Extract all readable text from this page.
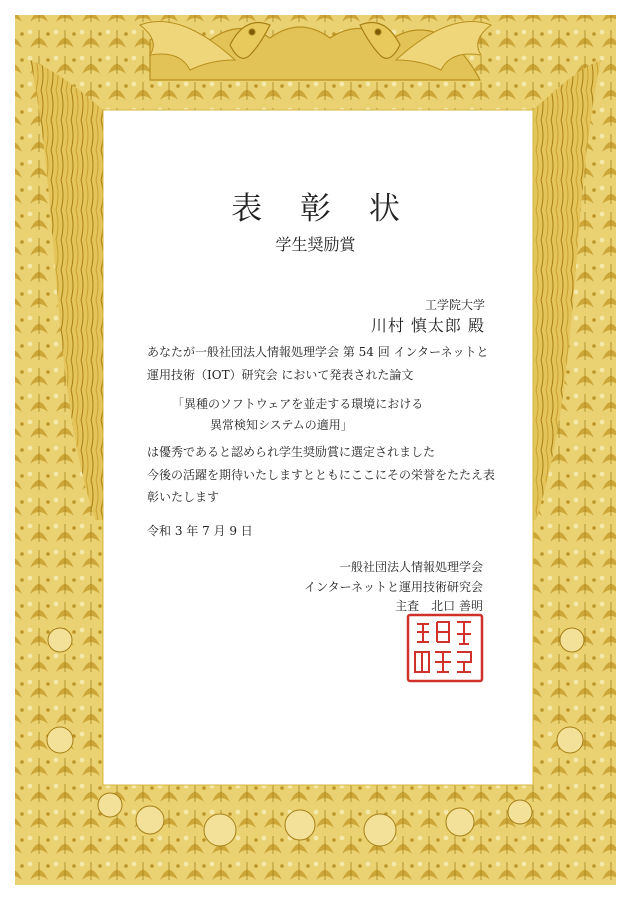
表 彰 状
学生奨励賞
工学院大学
川村 慎太郎 殿
あなたが一般社団法人情報処理学会 第 54 回 インターネットと
運用技術（IOT）研究会 において発表された論文
「異種のソフトウェアを並走する環境における
異常検知システムの適用」
は優秀であると認められ学生奨励賞に選定されました
今後の活躍を期待いたしますとともにここにその栄誉をたたえ表
彰いたします
令和 3 年 7 月 9 日
一般社団法人情報処理学会
インターネットと運用技術研究会
主査　北口 善明
